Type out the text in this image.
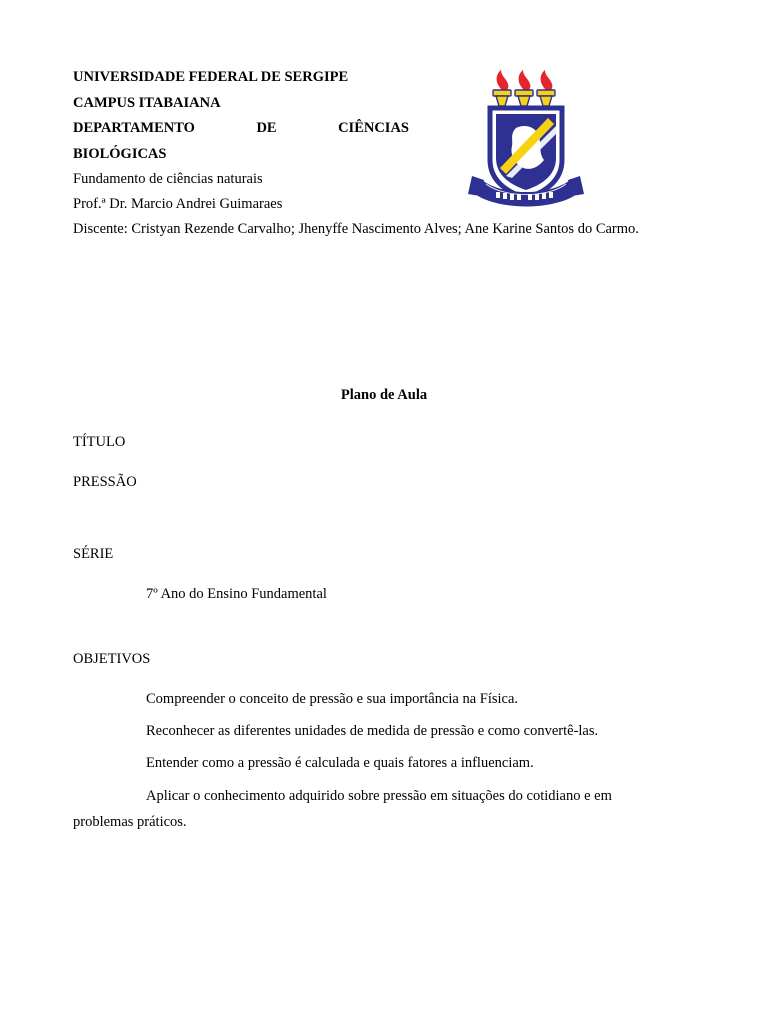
UNIVERSIDADE FEDERAL DE SERGIPE
CAMPUS ITABAIANA
DEPARTAMENTO	DE	CIÊNCIAS
BIOLÓGICAS
Fundamento de ciências naturais
Prof.ª Dr. Marcio Andrei Guimaraes
Discente: Cristyan Rezende Carvalho; Jhenyffe Nascimento Alves; Ane Karine Santos do Carmo.
Plano de Aula
TÍTULO
PRESSÃO
SÉRIE
7º Ano do Ensino Fundamental
OBJETIVOS
Compreender o conceito de pressão e sua importância na Física.
Reconhecer as diferentes unidades de medida de pressão e como convertê-las.
Entender como a pressão é calculada e quais fatores a influenciam.
Aplicar o conhecimento adquirido sobre pressão em situações do cotidiano e em
problemas práticos.
